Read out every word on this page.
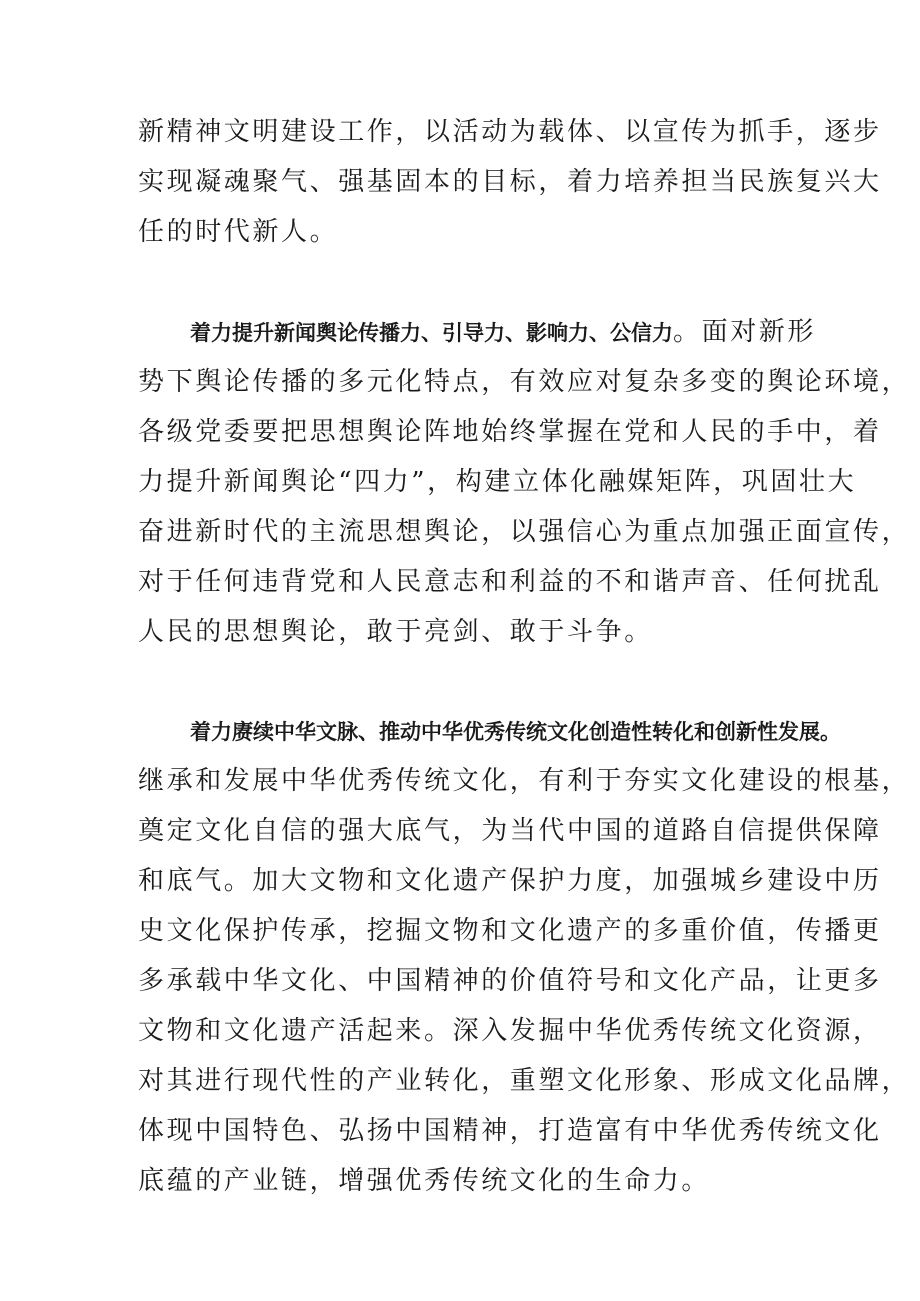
新精神文明建设工作，以活动为载体、以宣传为抓手，逐步
实现凝魂聚气、强基固本的目标，着力培养担当民族复兴大
任的时代新人。
着力提升新闻舆论传播力、引导力、影响力、公信力。面对新形
势下舆论传播的多元化特点，有效应对复杂多变的舆论环境，
各级党委要把思想舆论阵地始终掌握在党和人民的手中，着
力提升新闻舆论“四力”，构建立体化融媒矩阵，巩固壮大
奋进新时代的主流思想舆论，以强信心为重点加强正面宣传，
对于任何违背党和人民意志和利益的不和谐声音、任何扰乱
人民的思想舆论，敢于亮剑、敢于斗争。
着力赓续中华文脉、推动中华优秀传统文化创造性转化和创新性发展。
继承和发展中华优秀传统文化，有利于夯实文化建设的根基，
奠定文化自信的强大底气，为当代中国的道路自信提供保障
和底气。加大文物和文化遗产保护力度，加强城乡建设中历
史文化保护传承，挖掘文物和文化遗产的多重价值，传播更
多承载中华文化、中国精神的价值符号和文化产品，让更多
文物和文化遗产活起来。深入发掘中华优秀传统文化资源，
对其进行现代性的产业转化，重塑文化形象、形成文化品牌，
体现中国特色、弘扬中国精神，打造富有中华优秀传统文化
底蕴的产业链，增强优秀传统文化的生命力。
